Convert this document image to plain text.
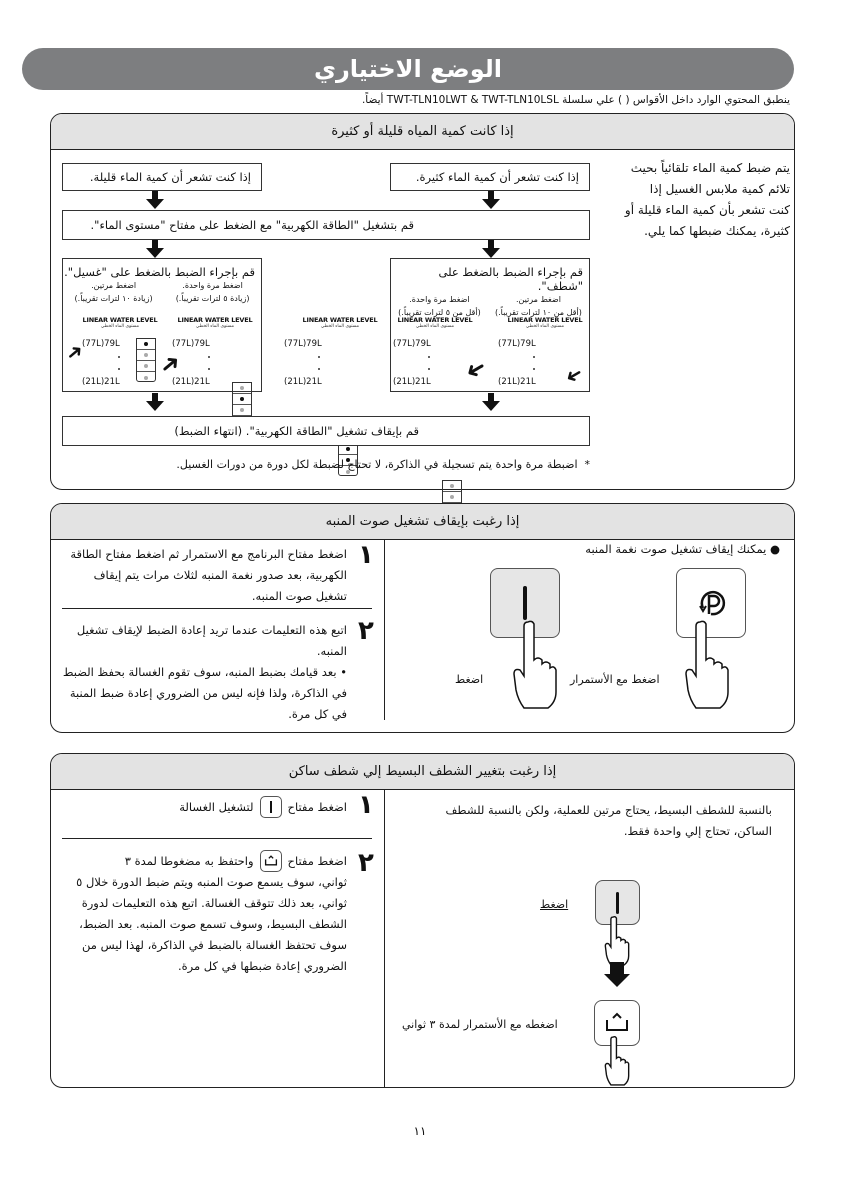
الوضع الاختياري
ينطبق المحتوي الوارد داخل الأقواس ( ) علي سلسلة TWT-TLN10LWT & TWT-TLN10LSL أيضاً.
إذا كانت كمية المياه قليلة أو كثيرة
يتم ضبط كمية الماء تلقائياً بحيث
تلائم كمية ملابس الغسيل إذا
كنت تشعر بأن كمية الماء قليلة أو
كثيرة، يمكنك ضبطها كما يلي.
إذا كنت تشعر أن كمية الماء قليلة.	إذا كنت تشعر أن كمية الماء كثيرة.
قم بتشغيل "الطاقة الكهربية" مع الضغط على مفتاح "مستوى الماء".
قم بإجراء الضبط بالضغط على "غسيل".
اضغط مرة واحدة.
(زيادة ٥ لترات تقريباً.)
اضغط مرتين.
(زيادة ١٠ لترات تقريباً.)
قم بإجراء الضبط بالضغط على "شطف".
اضغط مرتين.
(أقل من ١٠ لترات تقريباً.)
اضغط مرة واحدة.
(أقل من ٥ لترات تقريباً.)
LINEAR WATER LEVEL
مستوى الماء الخطي
(77L)79L
(21L)21L
➜
LINEAR WATER LEVEL
مستوى الماء الخطي
(77L)79L
(21L)21L
➜
LINEAR WATER LEVEL
مستوى الماء الخطي
(77L)79L
(21L)21L
LINEAR WATER LEVEL
مستوى الماء الخطي
(77L)79L
(21L)21L ➜
LINEAR WATER LEVEL
مستوى الماء الخطي
(77L)79L
(21L)21L ➜
قم بإيقاف تشغيل "الطاقة الكهربية". (انتهاء الضبط)
*  اضبطة مرة واحدة يتم تسجيلة في الذاكرة، لا تحتاج لضبطة لكل دورة من دورات الغسيل.
إذا رغبت بإيقاف تشغيل صوت المنبه
● يمكنك إيقاف تشغيل صوت نغمة المنبه
اضغط مع الأستمرار
اضغط
١
اضغط مفتاح البرنامج مع الاستمرار ثم اضغط مفتاح الطاقة الكهربية، بعد صدور نغمة المنبه لثلاث مرات يتم إيقاف تشغيل صوت المنبه.
٢
اتبع هذه التعليمات عندما تريد إعادة الضبط لإيقاف تشغيل المنبه.
• بعد قيامك بضبط المنبه، سوف تقوم الغسالة بحفظ الضبط في الذاكرة، ولذا فإنه ليس من الضروري إعادة ضبط المنبة في كل مرة.
إذا رغبت بتغيير الشطف البسيط إلي شطف ساكن
بالنسبة للشطف البسيط، يحتاج مرتين للعملية، ولكن بالنسبة للشطف الساكن، تحتاج إلي واحدة فقط.
اضغط
اضغطه مع الأستمرار لمدة ٣ ثواني
١
اضغط مفتاح
لتشغيل الغسالة
٢
اضغط مفتاح
واحتفظ به مضغوطا لمدة ٣
ثواني، سوف يسمع صوت المنبه ويتم ضبط الدورة خلال ٥ ثواني، بعد ذلك تتوقف الغسالة. اتبع هذه التعليمات لدورة الشطف البسيط، وسوف تسمع صوت المنبه. بعد الضبط، سوف تحتفظ الغسالة بالضبط في الذاكرة، لهذا ليس من الضروري إعادة ضبطها في كل مرة.
١١
